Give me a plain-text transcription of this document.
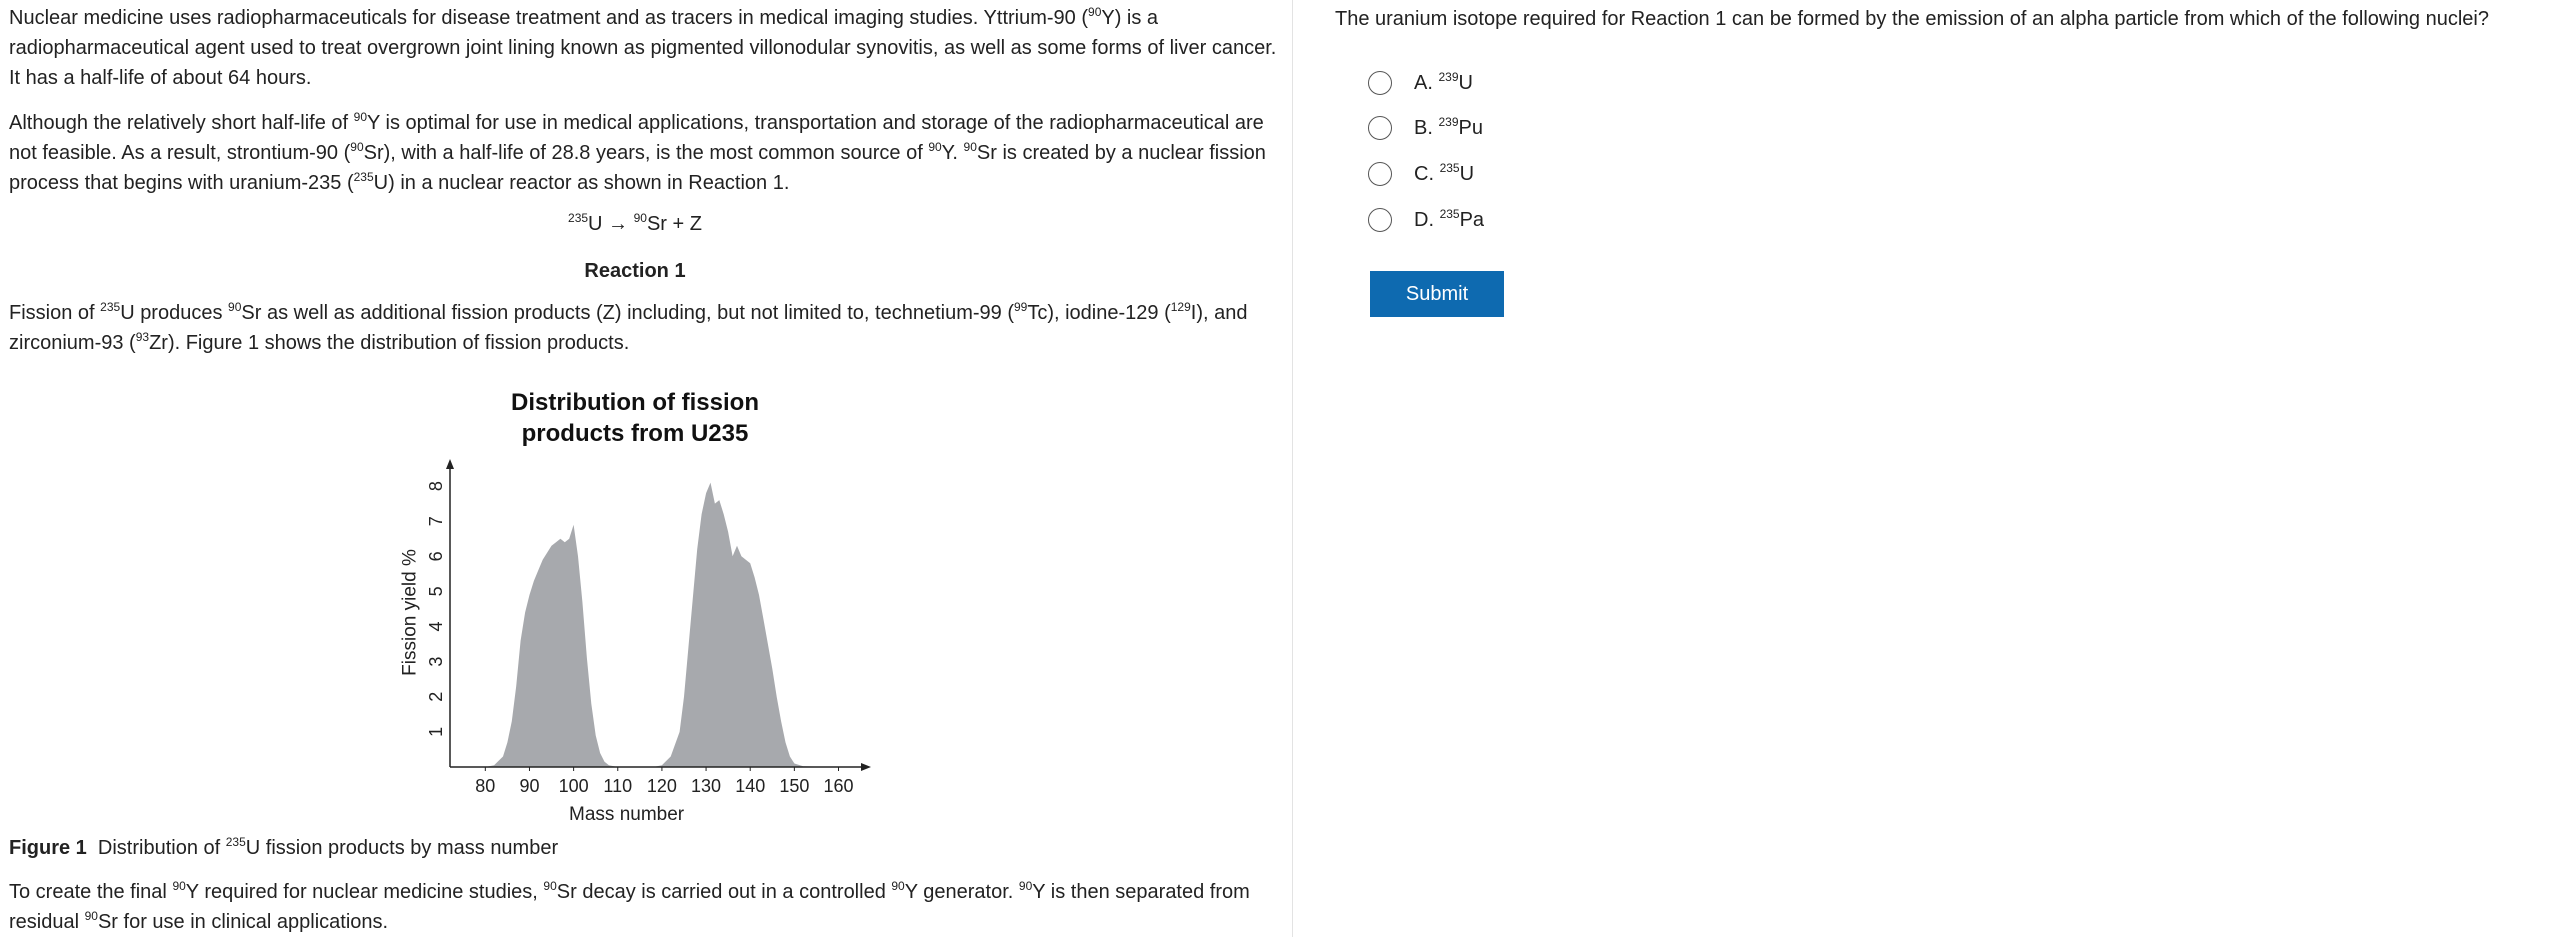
Nuclear medicine uses radiopharmaceuticals for disease treatment and as tracers in medical imaging studies. Yttrium-90 ($^{90}$Y) is a radiopharmaceutical agent used to treat overgrown joint lining known as pigmented villonodular synovitis, as well as some forms of liver cancer. It has a half-life of about 64 hours.

Although the relatively short half-life of $^{90}$Y is optimal for use in medical applications, transportation and storage of the radiopharmaceutical are not feasible. As a result, strontium-90 ($^{90}$Sr), with a half-life of 28.8 years, is the most common source of $^{90}$Y. $^{90}$Sr is created by a nuclear fission process that begins with uranium-235 ($^{235}$U) in a nuclear reactor as shown in Reaction 1.

$^{235}$U → $^{90}$Sr + Z
Reaction 1

Fission of $^{235}$U produces $^{90}$Sr as well as additional fission products (Z) including, but not limited to, technetium-99 ($^{99}$Tc), iodine-129 ($^{129}$I), and zirconium-93 ($^{93}$Zr). Figure 1 shows the distribution of fission products.

Distribution of fission
products from U235
80 90 100 110 120 130 140 150 160
1
2
3
4
5
6
7
8
Mass number
Fission yield %

Figure 1  Distribution of $^{235}$U fission products by mass number

To create the final $^{90}$Y required for nuclear medicine studies, $^{90}$Sr decay is carried out in a controlled $^{90}$Y generator. $^{90}$Y is then separated from residual $^{90}$Sr for use in clinical applications.

The uranium isotope required for Reaction 1 can be formed by the emission of an alpha particle from which of the following nuclei?
A. $^{239}$U
B. $^{239}$Pu
C. $^{235}$U
D. $^{235}$Pa
Submit
